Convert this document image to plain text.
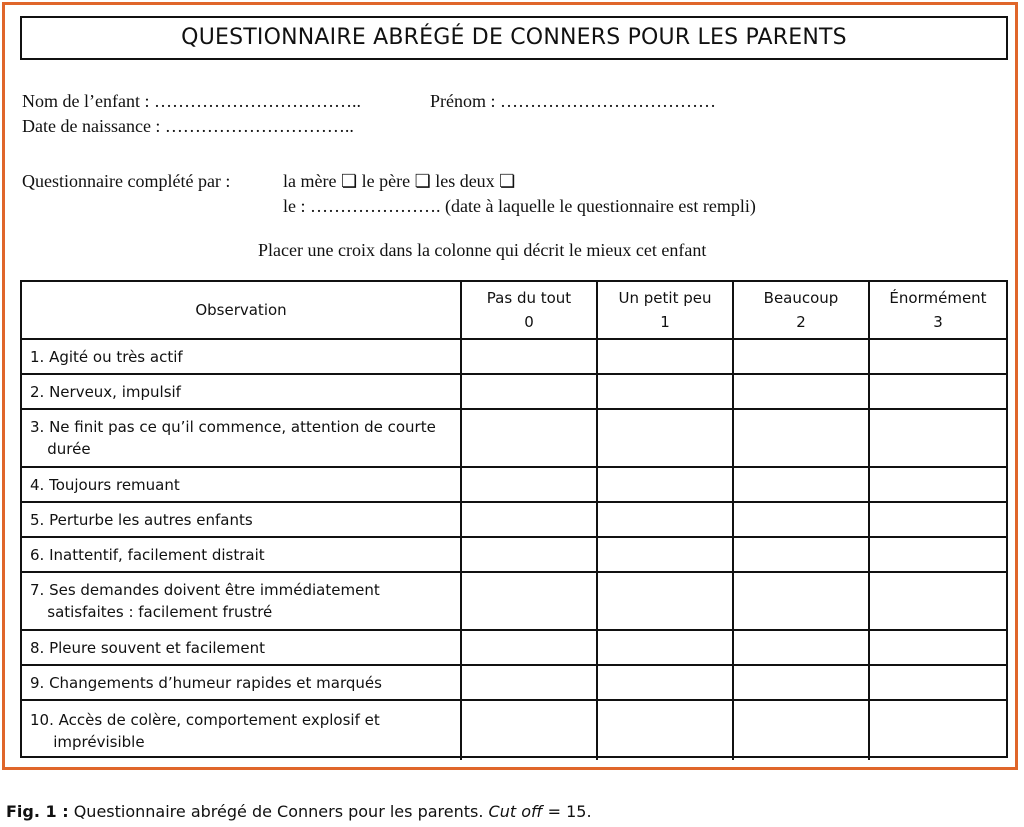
QUESTIONNAIRE ABRÉGÉ DE CONNERS POUR LES PARENTS
Nom de l’enfant : ……………………………..	Prénom : ………………………………
Date de naissance : …………………………..
Questionnaire complété par :	la mère ❏ le père ❏ les deux ❏
le : …………………. (date à laquelle le questionnaire est rempli)
Placer une croix dans la colonne qui décrit le mieux cet enfant
Observation
Pas du tout
0
Un petit peu
1
Beaucoup
2
Énormément
3
1. Agité ou très actif
2. Nerveux, impulsif
3. Ne finit pas ce qu’il commence, attention de courte durée
4. Toujours remuant
5. Perturbe les autres enfants
6. Inattentif, facilement distrait
7. Ses demandes doivent être immédiatement satisfaites : facilement frustré
8. Pleure souvent et facilement
9. Changements d’humeur rapides et marqués
10. Accès de colère, comportement explosif et imprévisible
Fig. 1 : Questionnaire abrégé de Conners pour les parents. Cut off = 15.
